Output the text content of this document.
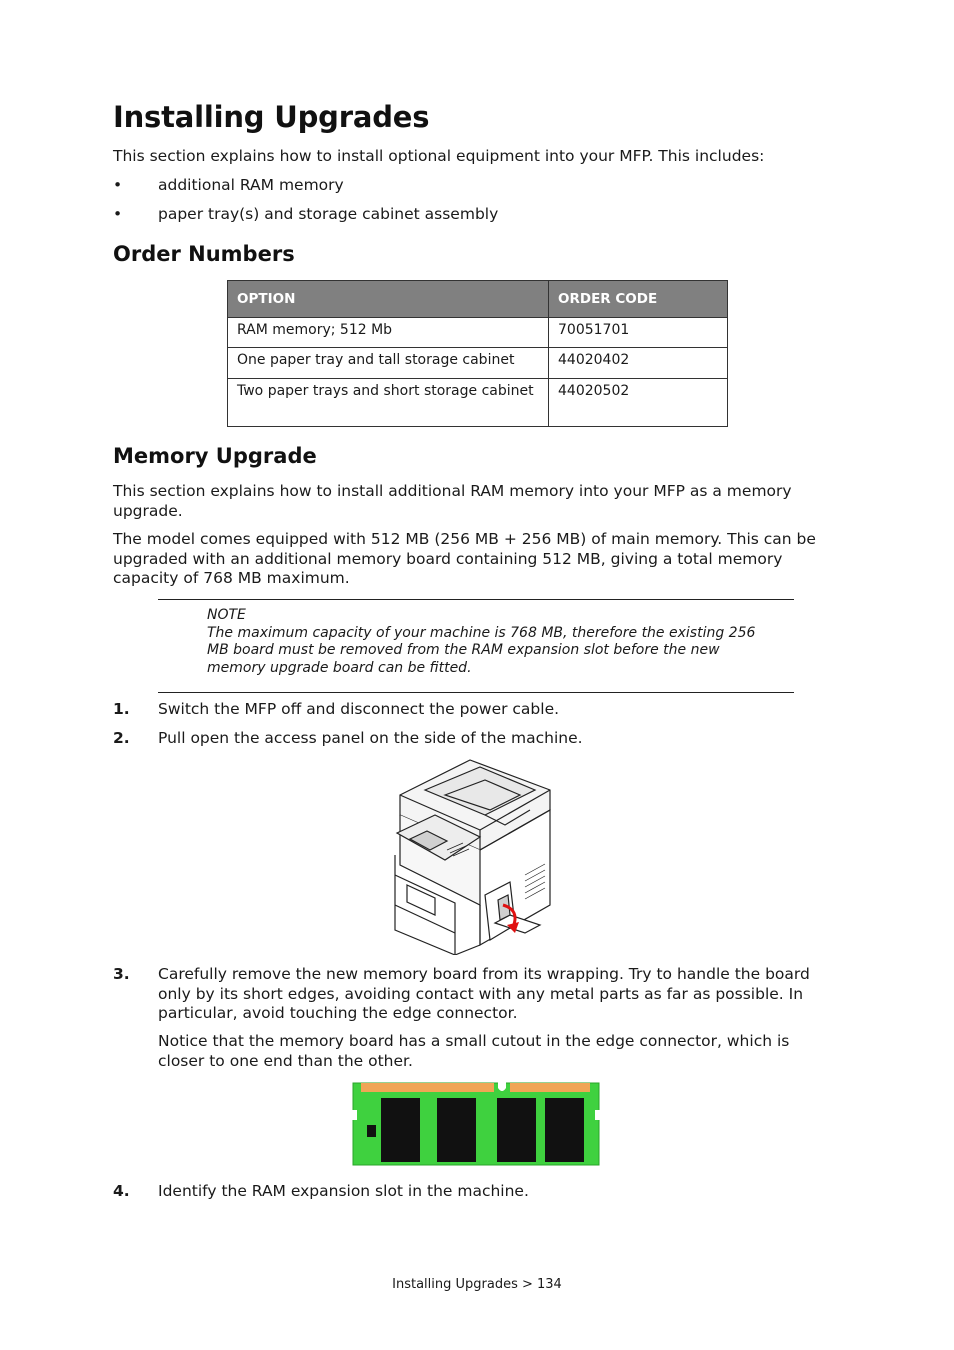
Installing Upgrades

This section explains how to install optional equipment into your MFP. This includes:

• additional RAM memory
• paper tray(s) and storage cabinet assembly
Order Numbers
OPTION	ORDER CODE
RAM memory; 512 Mb	70051701
One paper tray and tall storage cabinet	44020402
Two paper trays and short storage cabinet	44020502
Memory Upgrade

This section explains how to install additional RAM memory into your MFP as a memory upgrade.

The model comes equipped with 512 MB (256 MB + 256 MB) of main memory. This can be upgraded with an additional memory board containing 512 MB, giving a total memory capacity of 768 MB maximum.

NOTE
The maximum capacity of your machine is 768 MB, therefore the existing 256 MB board must be removed from the RAM expansion slot before the new memory upgrade board can be fitted.
1. Switch the MFP off and disconnect the power cable.

2. Pull open the access panel on the side of the machine.

3. Carefully remove the new memory board from its wrapping. Try to handle the board only by its short edges, avoiding contact with any metal parts as far as possible. In particular, avoid touching the edge connector.

Notice that the memory board has a small cutout in the edge connector, which is closer to one end than the other.

4. Identify the RAM expansion slot in the machine.

Installing Upgrades > 134
